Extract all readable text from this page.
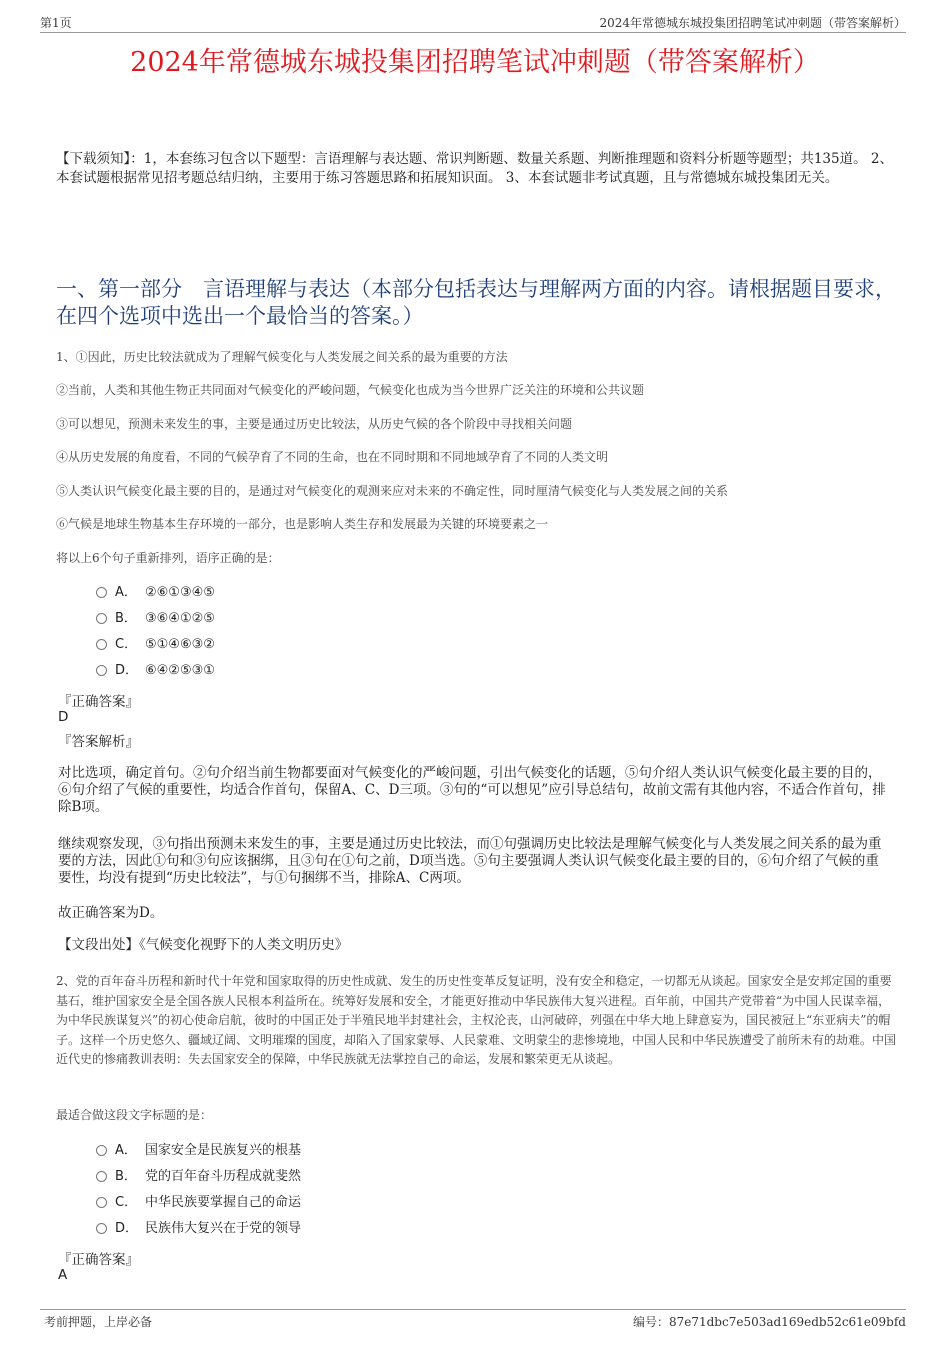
第1页	2024年常德城东城投集团招聘笔试冲刺题（带答案解析）
2024年常德城东城投集团招聘笔试冲刺题（带答案解析）
【下载须知】：1，本套练习包含以下题型：言语理解与表达题、常识判断题、数量关系题、判断推理题和资料分析题等题型；共135道。 2、本套试题根据常见招考题总结归纳，主要用于练习答题思路和拓展知识面。 3、本套试题非考试真题，且与常德城东城投集团无关。
一、第一部分　言语理解与表达（本部分包括表达与理解两方面的内容。请根据题目要求，在四个选项中选出一个最恰当的答案。）
1、①因此，历史比较法就成为了理解气候变化与人类发展之间关系的最为重要的方法
②当前，人类和其他生物正共同面对气候变化的严峻问题，气候变化也成为当今世界广泛关注的环境和公共议题
③可以想见，预测未来发生的事，主要是通过历史比较法，从历史气候的各个阶段中寻找相关问题
④从历史发展的角度看，不同的气候孕育了不同的生命，也在不同时期和不同地域孕育了不同的人类文明
⑤人类认识气候变化最主要的目的，是通过对气候变化的观测来应对未来的不确定性，同时厘清气候变化与人类发展之间的关系
⑥气候是地球生物基本生存环境的一部分，也是影响人类生存和发展最为关键的环境要素之一
将以上6个句子重新排列，语序正确的是：
A． ②⑥①③④⑤
B． ③⑥④①②⑤
C． ⑤①④⑥③②
D． ⑥④②⑤③①
『正确答案』
D
『答案解析』
对比选项，确定首句。②句介绍当前生物都要面对气候变化的严峻问题，引出气候变化的话题，⑤句介绍人类认识气候变化最主要的目的，⑥句介绍了气候的重要性，均适合作首句，保留A、C、D三项。③句的“可以想见”应引导总结句，故前文需有其他内容，不适合作首句，排除B项。
继续观察发现，③句指出预测未来发生的事，主要是通过历史比较法，而①句强调历史比较法是理解气候变化与人类发展之间关系的最为重要的方法，因此①句和③句应该捆绑，且③句在①句之前，D项当选。⑤句主要强调人类认识气候变化最主要的目的，⑥句介绍了气候的重要性，均没有提到“历史比较法”，与①句捆绑不当，排除A、C两项。
故正确答案为D。
【文段出处】《气候变化视野下的人类文明历史》
2、党的百年奋斗历程和新时代十年党和国家取得的历史性成就、发生的历史性变革反复证明，没有安全和稳定，一切都无从谈起。国家安全是安邦定国的重要基石，维护国家安全是全国各族人民根本利益所在。统筹好发展和安全，才能更好推动中华民族伟大复兴进程。百年前，中国共产党带着“为中国人民谋幸福，为中华民族谋复兴”的初心使命启航，彼时的中国正处于半殖民地半封建社会，主权沦丧，山河破碎，列强在中华大地上肆意妄为，国民被冠上“东亚病夫”的帽子。这样一个历史悠久、疆域辽阔、文明璀璨的国度，却陷入了国家蒙辱、人民蒙难、文明蒙尘的悲惨境地，中国人民和中华民族遭受了前所未有的劫难。中国近代史的惨痛教训表明：失去国家安全的保障，中华民族就无法掌控自己的命运，发展和繁荣更无从谈起。
最适合做这段文字标题的是：
A． 国家安全是民族复兴的根基
B． 党的百年奋斗历程成就斐然
C． 中华民族要掌握自己的命运
D． 民族伟大复兴在于党的领导
『正确答案』
A
考前押题，上岸必备	编号：87e71dbc7e503ad169edb52c61e09bfd
